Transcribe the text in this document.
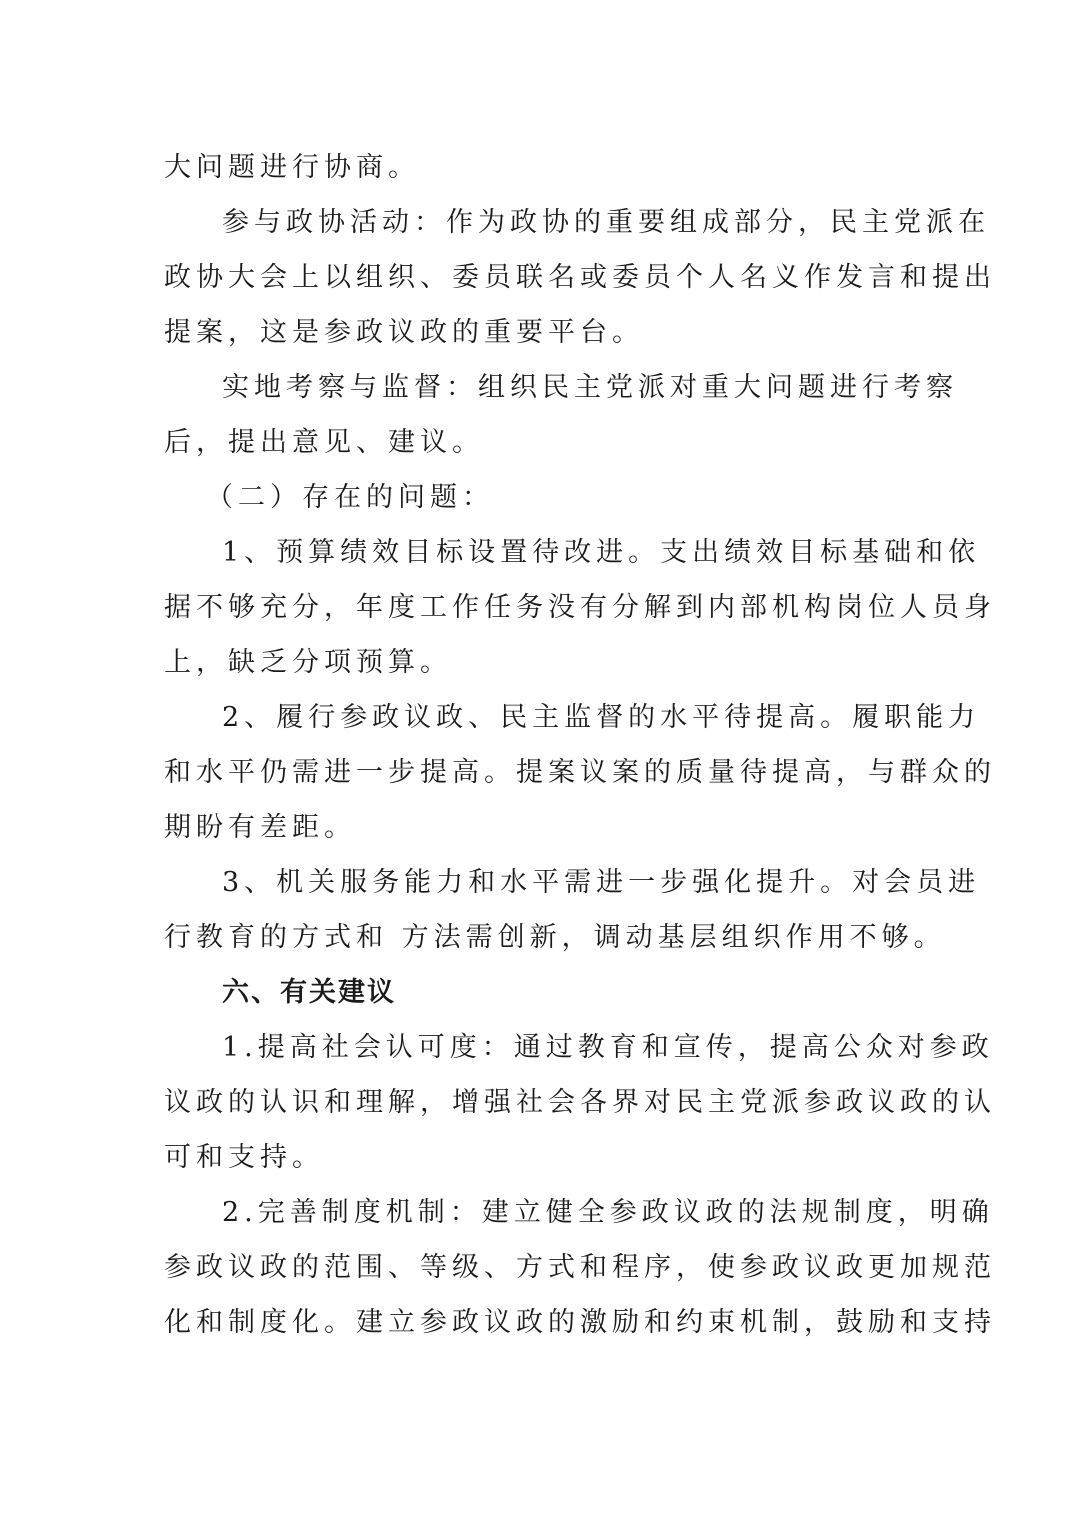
大问题进行协商。

参与政协活动：作为政协的重要组成部分，民主党派在
政协大会上以组织、委员联名或委员个人名义作发言和提出
提案，这是参政议政的重要平台。

实地考察与监督：组织民主党派对重大问题进行考察
后，提出意见、建议。

（二）存在的问题：

1、预算绩效目标设置待改进。支出绩效目标基础和依
据不够充分，年度工作任务没有分解到内部机构岗位人员身
上，缺乏分项预算。

2、履行参政议政、民主监督的水平待提高。履职能力
和水平仍需进一步提高。提案议案的质量待提高，与群众的
期盼有差距。

3、机关服务能力和水平需进一步强化提升。对会员进
行教育的方式和 方法需创新，调动基层组织作用不够。

六、有关建议

1.提高社会认可度：通过教育和宣传，提高公众对参政
议政的认识和理解，增强社会各界对民主党派参政议政的认
可和支持。

2.完善制度机制：建立健全参政议政的法规制度，明确
参政议政的范围、等级、方式和程序，使参政议政更加规范
化和制度化。建立参政议政的激励和约束机制，鼓励和支持
